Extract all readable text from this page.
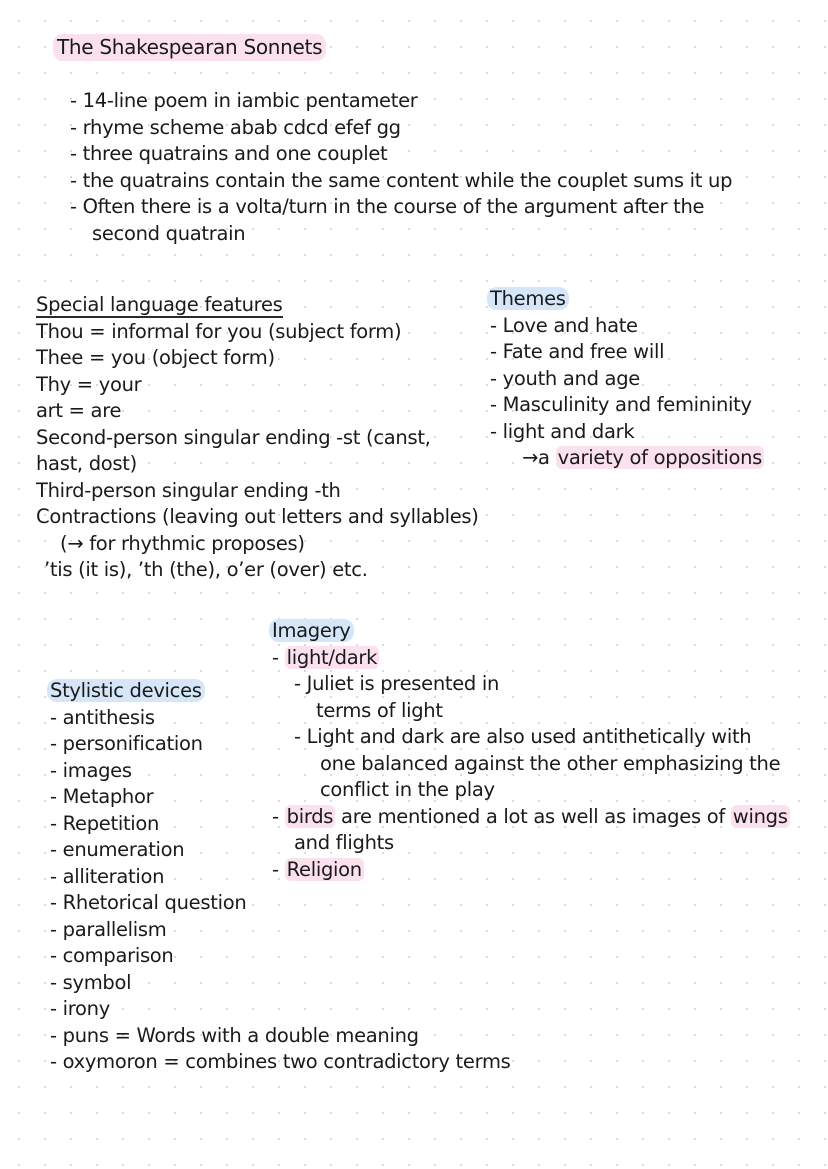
The Shakespearan Sonnets
- 14-line poem in iambic pentameter
- rhyme scheme abab cdcd efef gg
- three quatrains and one couplet
- the quatrains contain the same content while the couplet sums it up
- Often there is a volta/turn in the course of the argument after the
second quatrain
Special language features
Thou = informal for you (subject form)
Thee = you (object form)
Thy = your
art = are
Second-person singular ending -st (canst,
hast, dost)
Third-person singular ending -th
Contractions (leaving out letters and syllables)
(→ for rhythmic proposes)
’tis (it is), ’th (the), o’er (over) etc.
Themes
- Love and hate
- Fate and free will
- youth and age
- Masculinity and femininity
- light and dark
→a variety of oppositions
Imagery
- light/dark
- Juliet is presented in
terms of light
- Light and dark are also used antithetically with
one balanced against the other emphasizing the
conflict in the play
- birds are mentioned a lot as well as images of wings
and flights
- Religion
Stylistic devices
- antithesis
- personification
- images
- Metaphor
- Repetition
- enumeration
- alliteration
- Rhetorical question
- parallelism
- comparison
- symbol
- irony
- puns = Words with a double meaning
- oxymoron = combines two contradictory terms
